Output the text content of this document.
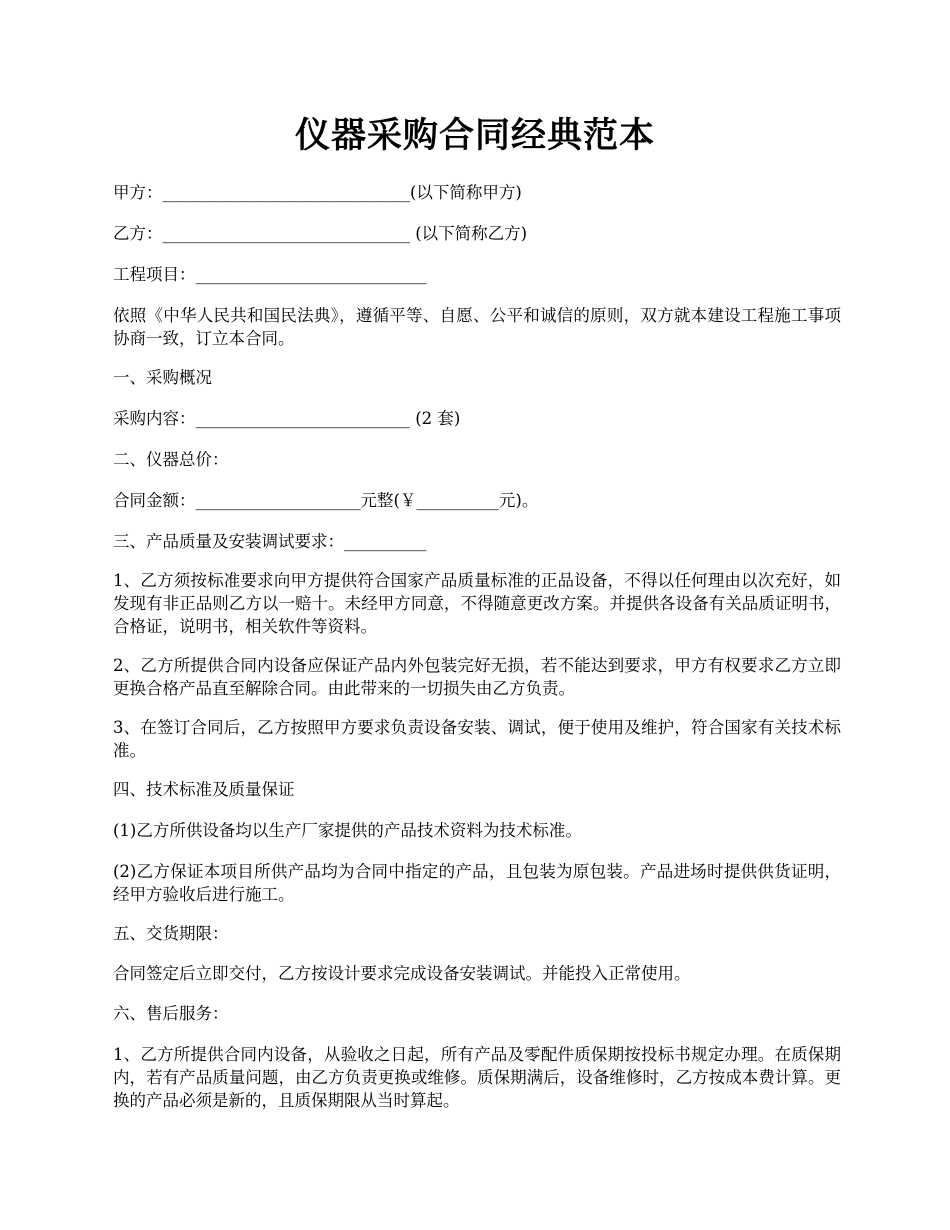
仪器采购合同经典范本

甲方：______________________________(以下简称甲方)

乙方：______________________________ (以下简称乙方)

工程项目：____________________________

依照《中华人民共和国民法典》，遵循平等、自愿、公平和诚信的原则，双方就本建设工程施工事项协商一致，订立本合同。

一、采购概况

采购内容：__________________________ (2 套)

二、仪器总价：

合同金额：____________________元整(￥__________元)。

三、产品质量及安装调试要求：__________

1、乙方须按标准要求向甲方提供符合国家产品质量标准的正品设备，不得以任何理由以次充好，如发现有非正品则乙方以一赔十。未经甲方同意，不得随意更改方案。并提供各设备有关品质证明书，合格证，说明书，相关软件等资料。

2、乙方所提供合同内设备应保证产品内外包装完好无损，若不能达到要求，甲方有权要求乙方立即更换合格产品直至解除合同。由此带来的一切损失由乙方负责。

3、在签订合同后，乙方按照甲方要求负责设备安装、调试，便于使用及维护，符合国家有关技术标准。

四、技术标准及质量保证

(1)乙方所供设备均以生产厂家提供的产品技术资料为技术标准。

(2)乙方保证本项目所供产品均为合同中指定的产品，且包装为原包装。产品进场时提供供货证明，经甲方验收后进行施工。

五、交货期限：

合同签定后立即交付，乙方按设计要求完成设备安装调试。并能投入正常使用。

六、售后服务：

1、乙方所提供合同内设备，从验收之日起，所有产品及零配件质保期按投标书规定办理。在质保期内，若有产品质量问题，由乙方负责更换或维修。质保期满后，设备维修时，乙方按成本费计算。更换的产品必须是新的，且质保期限从当时算起。
